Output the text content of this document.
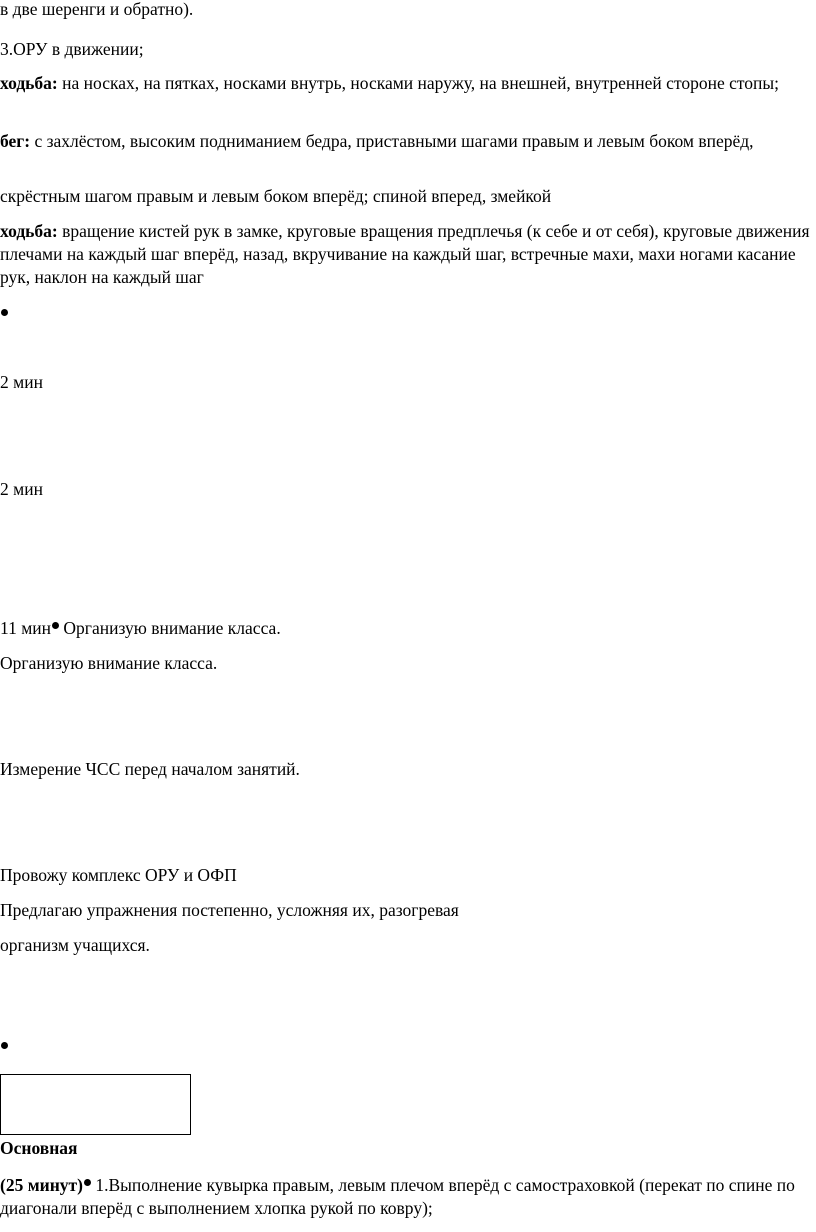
в две шеренги и обратно).
3.ОРУ в движении;
ходьба: на носках, на пятках, носками внутрь, носками наружу, на внешней, внутренней стороне стопы;
бег: с захлёстом, высоким подниманием бедра, приставными шагами правым и левым боком вперёд,
скрёстным шагом правым и левым боком вперёд; спиной вперед, змейкой
ходьба: вращение кистей рук в замке, круговые вращения предплечья (к себе и от себя), круговые движения плечами на каждый шаг вперёд, назад, вкручивание на каждый шаг, встречные махи, махи ногами касание рук, наклон на каждый шаг
2 мин
2 мин
11 мин Организую внимание класса.
Организую внимание класса.
Измерение ЧСС перед началом занятий.
Провожу комплекс ОРУ и ОФП
Предлагаю упражнения постепенно, усложняя их, разогревая
организм учащихся.
Основная
(25 минут) 1.Выполнение кувырка правым, левым плечом вперёд с самостраховкой (перекат по спине по диагонали вперёд с выполнением хлопка рукой по ковру);
